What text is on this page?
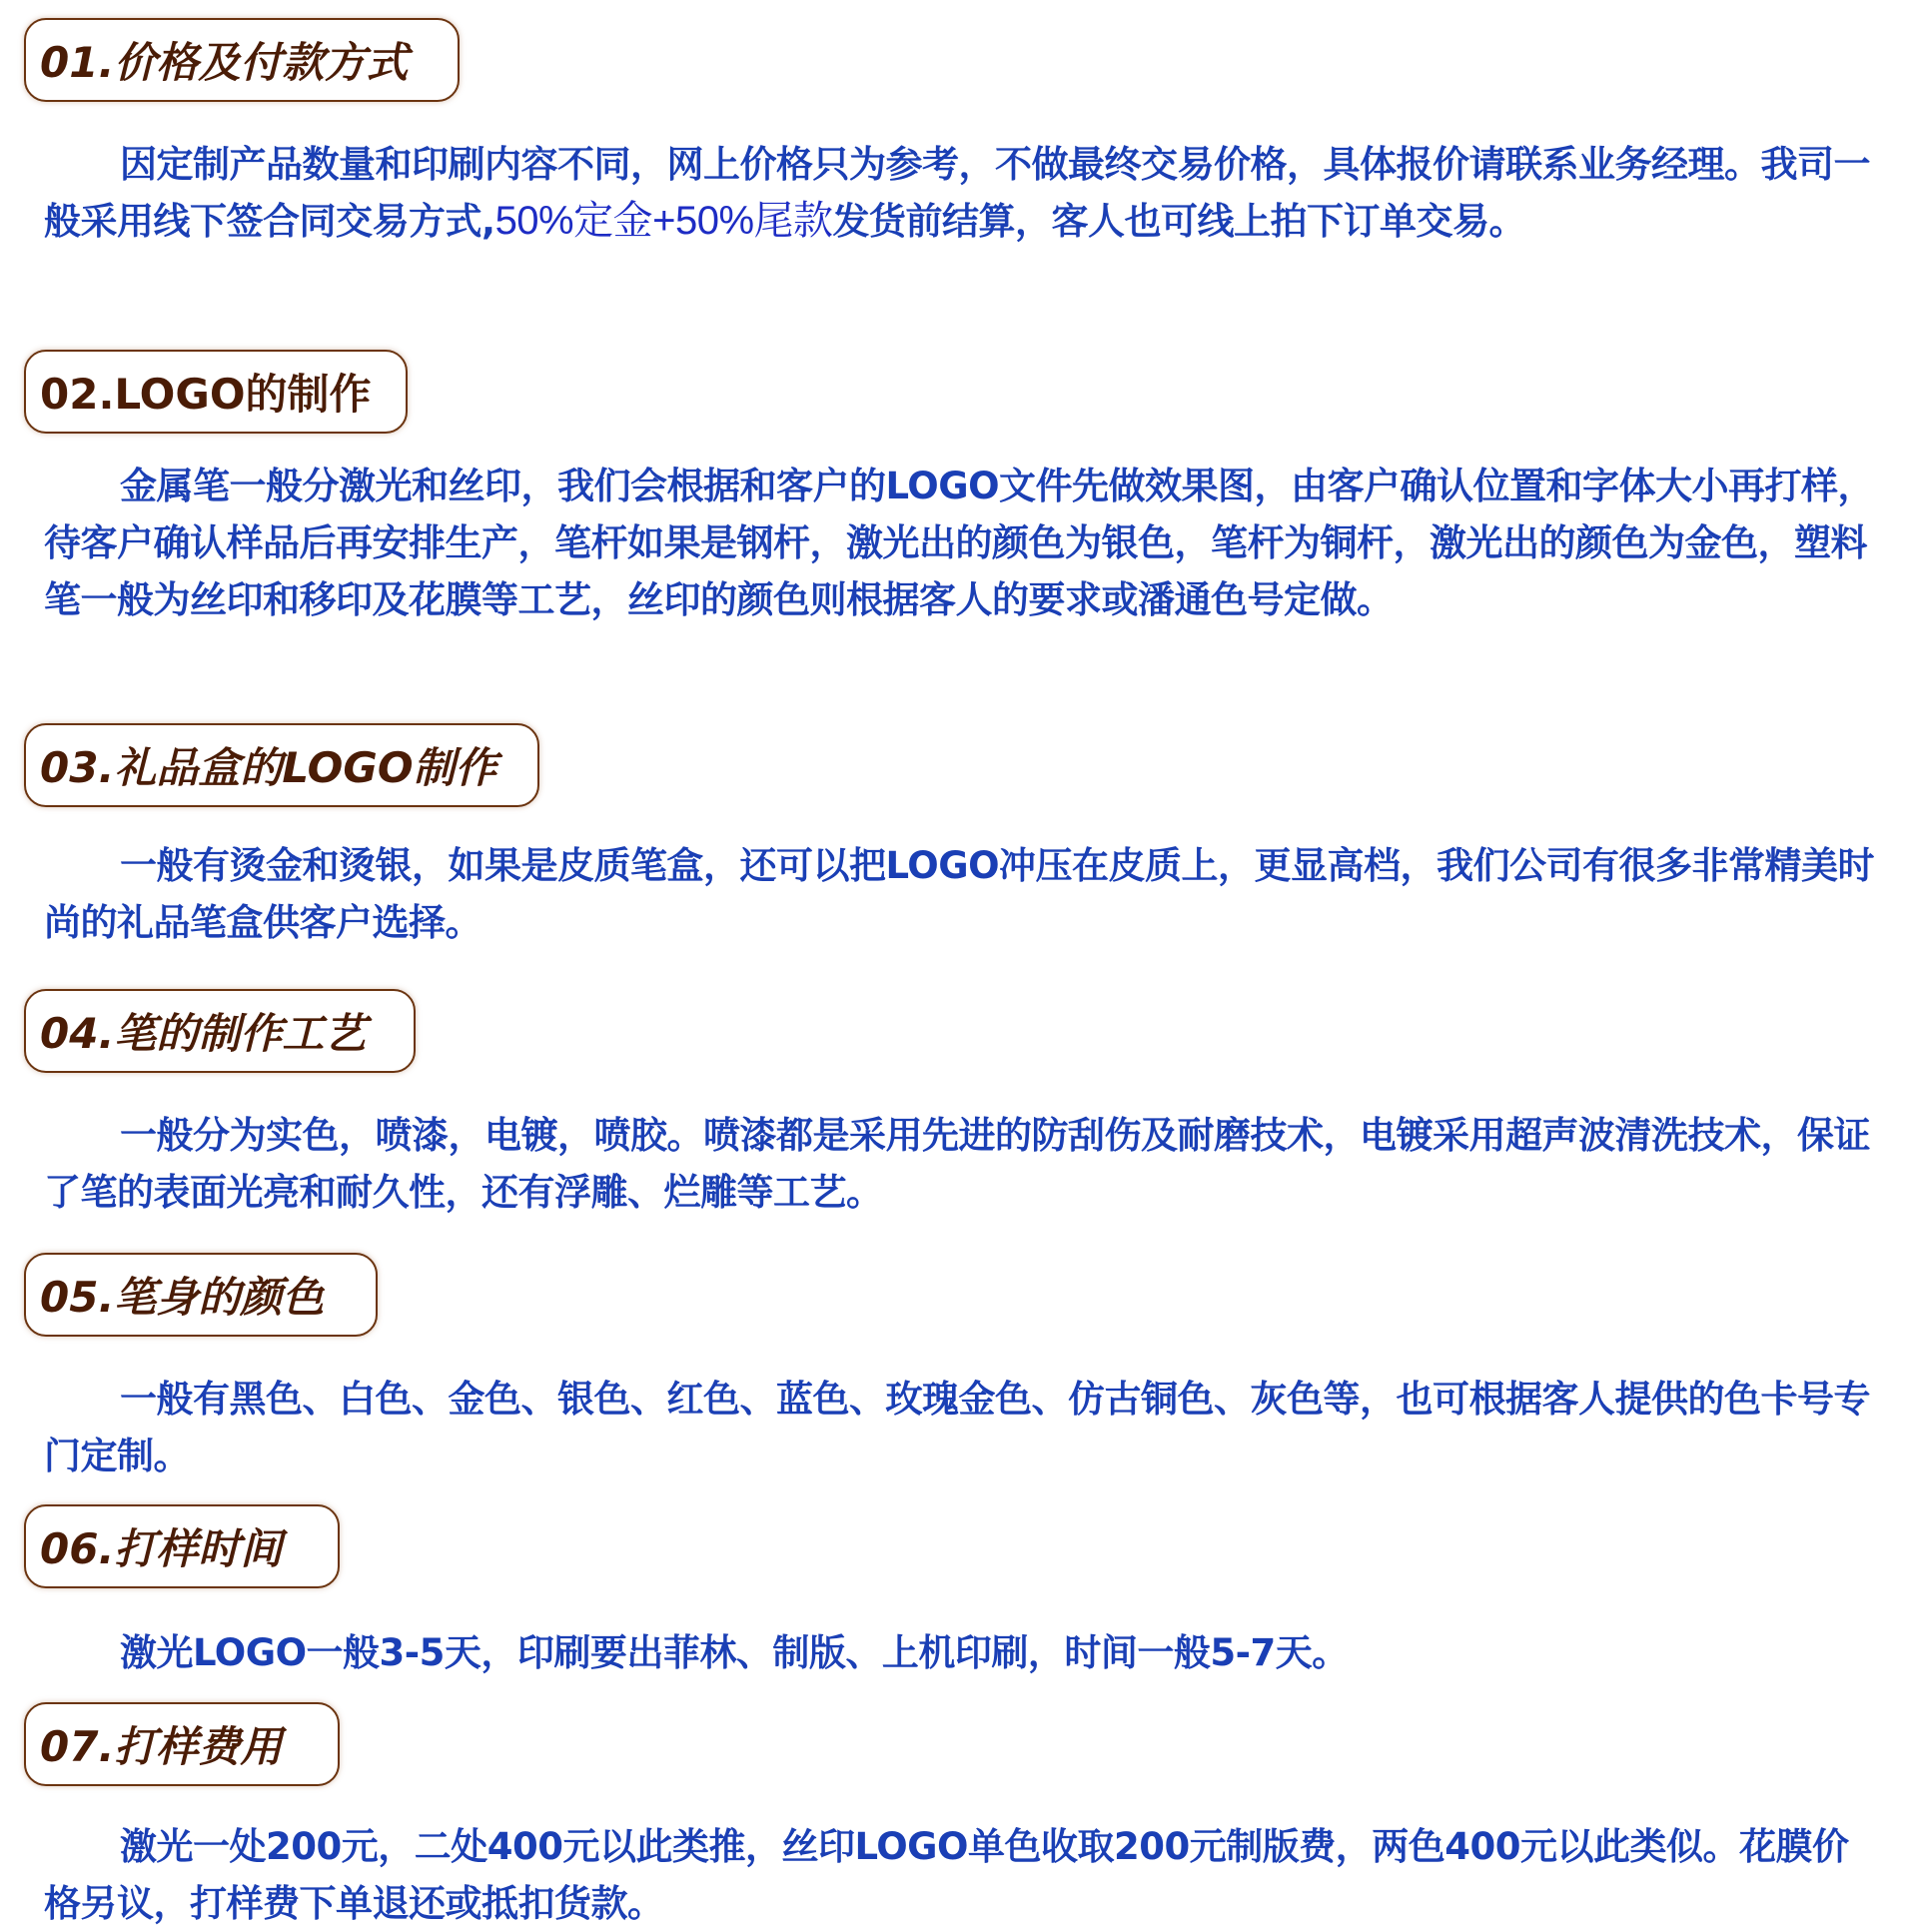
01.价格及付款方式

因定制产品数量和印刷内容不同，网上价格只为参考，不做最终交易价格，具体报价请联系业务经理。我司一般采用线下签合同交易方式,50%定金+50%尾款发货前结算，客人也可线上拍下订单交易。

02.LOGO的制作

金属笔一般分激光和丝印，我们会根据和客户的LOGO文件先做效果图，由客户确认位置和字体大小再打样，待客户确认样品后再安排生产，笔杆如果是钢杆，激光出的颜色为银色，笔杆为铜杆，激光出的颜色为金色，塑料笔一般为丝印和移印及花膜等工艺，丝印的颜色则根据客人的要求或潘通色号定做。

03.礼品盒的LOGO制作

一般有烫金和烫银，如果是皮质笔盒，还可以把LOGO冲压在皮质上，更显高档，我们公司有很多非常精美时尚的礼品笔盒供客户选择。

04.笔的制作工艺

一般分为实色，喷漆，电镀，喷胶。喷漆都是采用先进的防刮伤及耐磨技术，电镀采用超声波清洗技术，保证了笔的表面光亮和耐久性，还有浮雕、烂雕等工艺。

05.笔身的颜色

一般有黑色、白色、金色、银色、红色、蓝色、玫瑰金色、仿古铜色、灰色等，也可根据客人提供的色卡号专门定制。

06.打样时间

激光LOGO一般3-5天，印刷要出菲林、制版、上机印刷，时间一般5-7天。

07.打样费用

激光一处200元，二处400元以此类推，丝印LOGO单色收取200元制版费，两色400元以此类似。花膜价格另议，打样费下单退还或抵扣货款。
